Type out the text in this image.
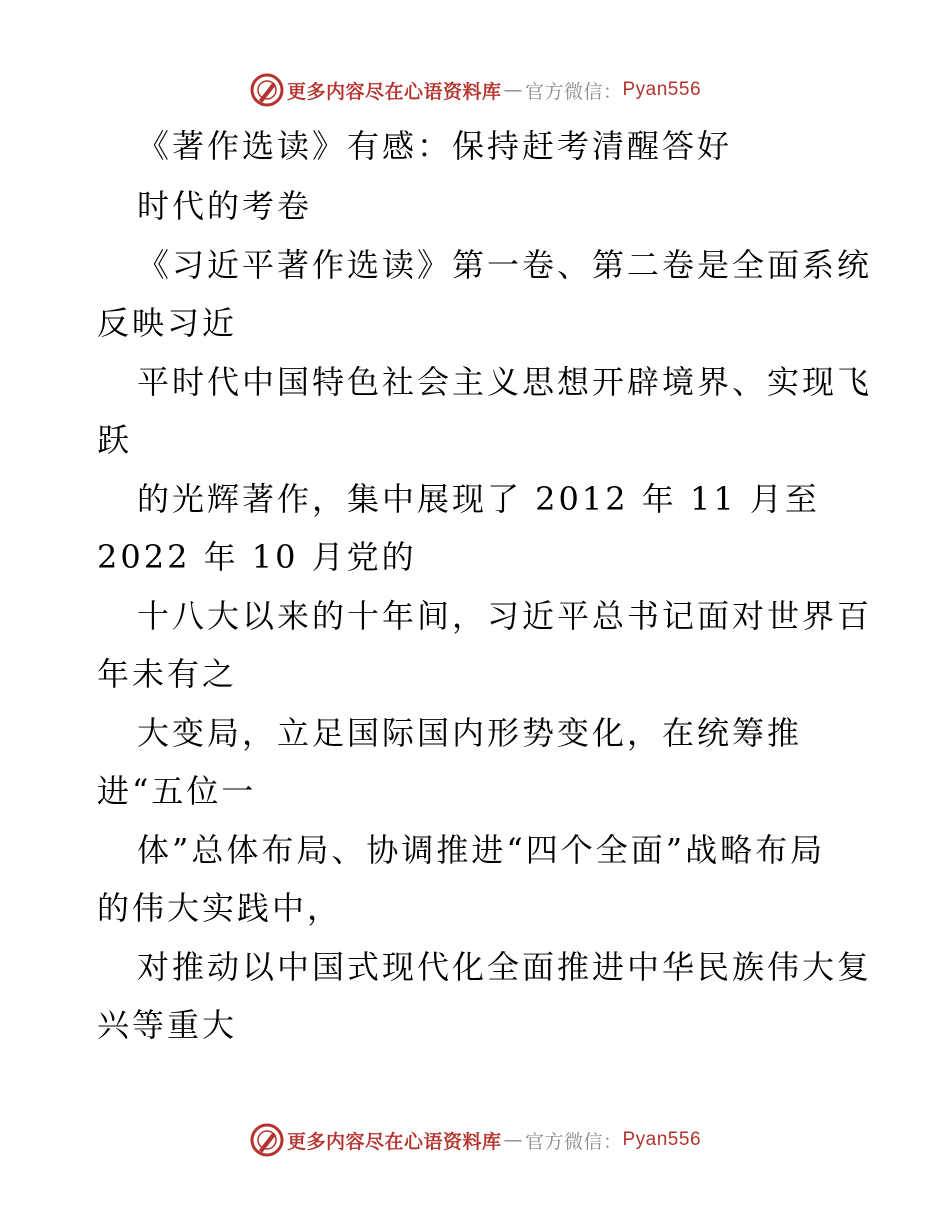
更多内容尽在心语资料库 — 官方微信： Pyan556
《著作选读》有感：保持赶考清醒答好
时代的考卷
《习近平著作选读》第一卷、第二卷是全面系统
反映习近
平时代中国特色社会主义思想开辟境界、实现飞
跃
的光辉著作，集中展现了 2012 年 11 月至
2022 年 10 月党的
十八大以来的十年间，习近平总书记面对世界百
年未有之
大变局，立足国际国内形势变化，在统筹推
进“五位一
体”总体布局、协调推进“四个全面”战略布局
的伟大实践中，
对推动以中国式现代化全面推进中华民族伟大复
兴等重大
更多内容尽在心语资料库 — 官方微信： Pyan556
